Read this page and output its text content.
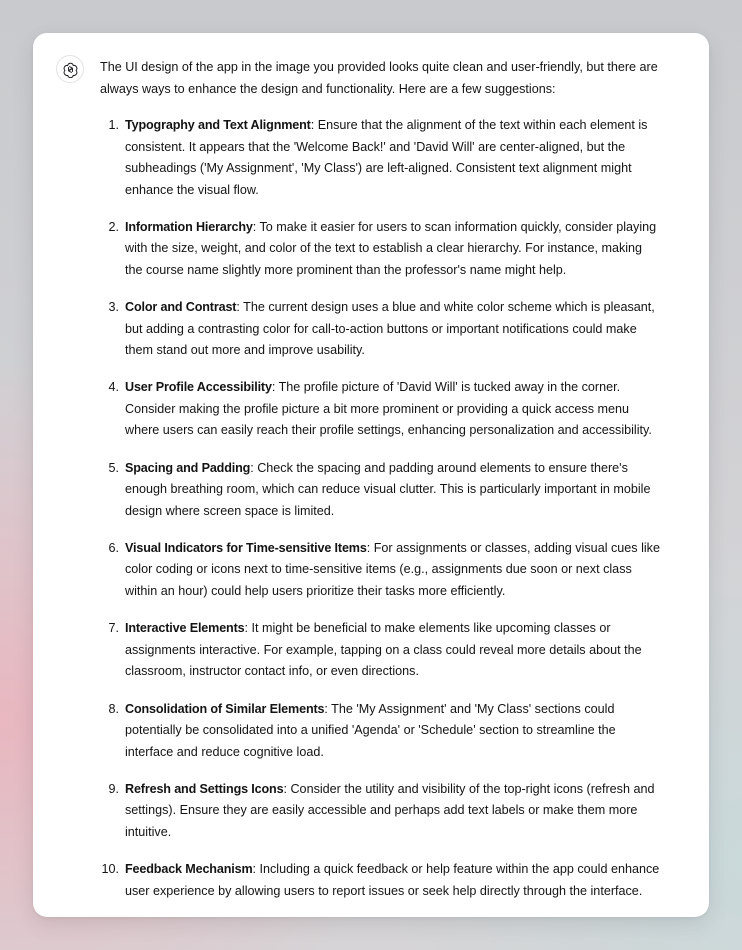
The UI design of the app in the image you provided looks quite clean and user-friendly, but there are always ways to enhance the design and functionality. Here are a few suggestions:

1. Typography and Text Alignment: Ensure that the alignment of the text within each element is consistent. It appears that the 'Welcome Back!' and 'David Will' are center-aligned, but the subheadings ('My Assignment', 'My Class') are left-aligned. Consistent text alignment might enhance the visual flow.
2. Information Hierarchy: To make it easier for users to scan information quickly, consider playing with the size, weight, and color of the text to establish a clear hierarchy. For instance, making the course name slightly more prominent than the professor's name might help.
3. Color and Contrast: The current design uses a blue and white color scheme which is pleasant, but adding a contrasting color for call-to-action buttons or important notifications could make them stand out more and improve usability.
4. User Profile Accessibility: The profile picture of 'David Will' is tucked away in the corner. Consider making the profile picture a bit more prominent or providing a quick access menu where users can easily reach their profile settings, enhancing personalization and accessibility.
5. Spacing and Padding: Check the spacing and padding around elements to ensure there's enough breathing room, which can reduce visual clutter. This is particularly important in mobile design where screen space is limited.
6. Visual Indicators for Time-sensitive Items: For assignments or classes, adding visual cues like color coding or icons next to time-sensitive items (e.g., assignments due soon or next class within an hour) could help users prioritize their tasks more efficiently.
7. Interactive Elements: It might be beneficial to make elements like upcoming classes or assignments interactive. For example, tapping on a class could reveal more details about the classroom, instructor contact info, or even directions.
8. Consolidation of Similar Elements: The 'My Assignment' and 'My Class' sections could potentially be consolidated into a unified 'Agenda' or 'Schedule' section to streamline the interface and reduce cognitive load.
9. Refresh and Settings Icons: Consider the utility and visibility of the top-right icons (refresh and settings). Ensure they are easily accessible and perhaps add text labels or make them more intuitive.
10. Feedback Mechanism: Including a quick feedback or help feature within the app could enhance user experience by allowing users to report issues or seek help directly through the interface.
